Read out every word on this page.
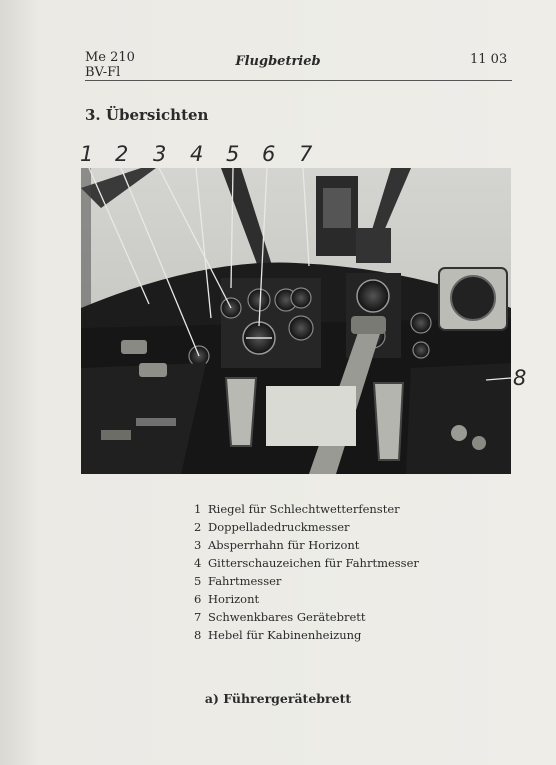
Me 210
BV-Fl
Flugbetrieb	11 03
3. Übersichten
1 2 3 4 5 6 7
8
1 Riegel für Schlechtwetterfenster
2 Doppelladedruckmesser
3 Absperrhahn für Horizont
4 Gitterschauzeichen für Fahrtmesser
5 Fahrtmesser
6 Horizont
7 Schwenkbares Gerätebrett
8 Hebel für Kabinenheizung
a) Führergerätebrett
